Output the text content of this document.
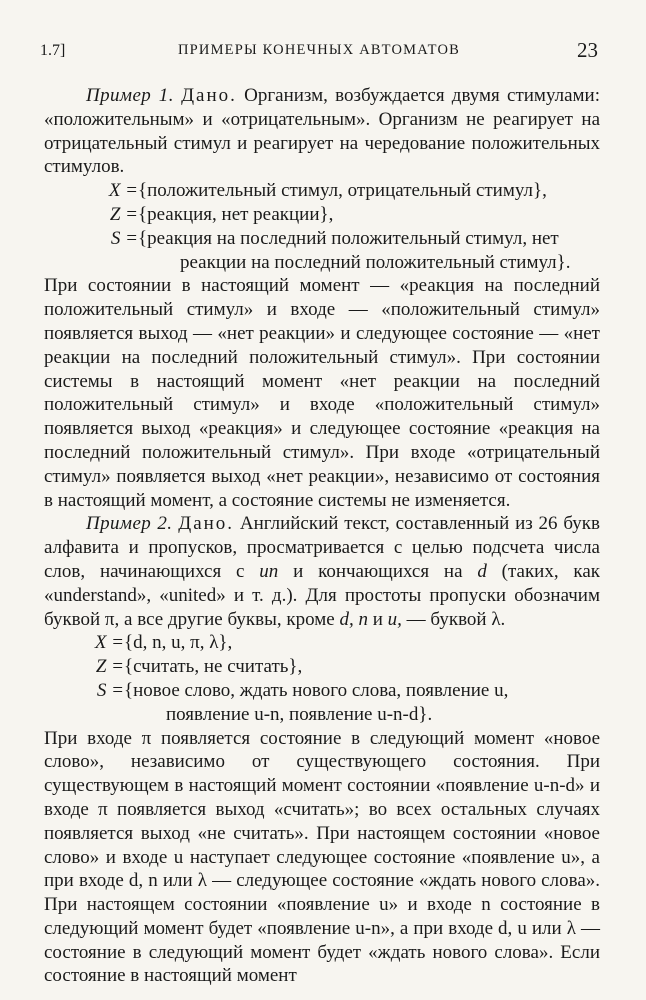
1.7]	ПРИМЕРЫ КОНЕЧНЫХ АВТОМАТОВ	23

Пример 1. Дано. Организм, возбуждается двумя стимулами: «положительным» и «отрицательным». Организм не реагирует на отрицательный стимул и реагирует на чередование положительных стимулов.

X = {положительный стимул, отрицательный стимул},
Z = {реакция, нет реакции},
S = {реакция на последний положительный стимул, нет

реакции на последний положительный стимул}.

При состоянии в настоящий момент — «реакция на последний положительный стимул» и входе — «положительный стимул» появляется выход — «нет реакции» и следующее состояние — «нет реакции на последний положительный стимул». При состоянии системы в настоящий момент «нет реакции на последний положительный стимул» и входе «положительный стимул» появляется выход «реакция» и следующее состояние «реакция на последний положительный стимул». При входе «отрицательный стимул» появляется выход «нет реакции», независимо от состояния в настоящий момент, а состояние системы не изменяется.

Пример 2. Дано. Английский текст, составленный из 26 букв алфавита и пропусков, просматривается с целью подсчета числа слов, начинающихся с un и кончающихся на d (таких, как «understand», «united» и т. д.). Для простоты пропуски обозначим буквой π, а все другие буквы, кроме d, n и u, — буквой λ.

X = {d, n, u, π, λ},
Z = {считать, не считать},
S = {новое слово, ждать нового слова, появление u,

появление u-n, появление u-n-d}.

При входе π появляется состояние в следующий момент «новое слово», независимо от существующего состояния. При существующем в настоящий момент состоянии «появление u-n-d» и входе π появляется выход «считать»; во всех остальных случаях появляется выход «не считать». При настоящем состоянии «новое слово» и входе u наступает следующее состояние «появление u», а при входе d, n или λ — следующее состояние «ждать нового слова». При настоящем состоянии «появление u» и входе n состояние в следующий момент будет «появление u-n», а при входе d, u или λ — состояние в следующий момент будет «ждать нового слова». Если состояние в настоящий момент
